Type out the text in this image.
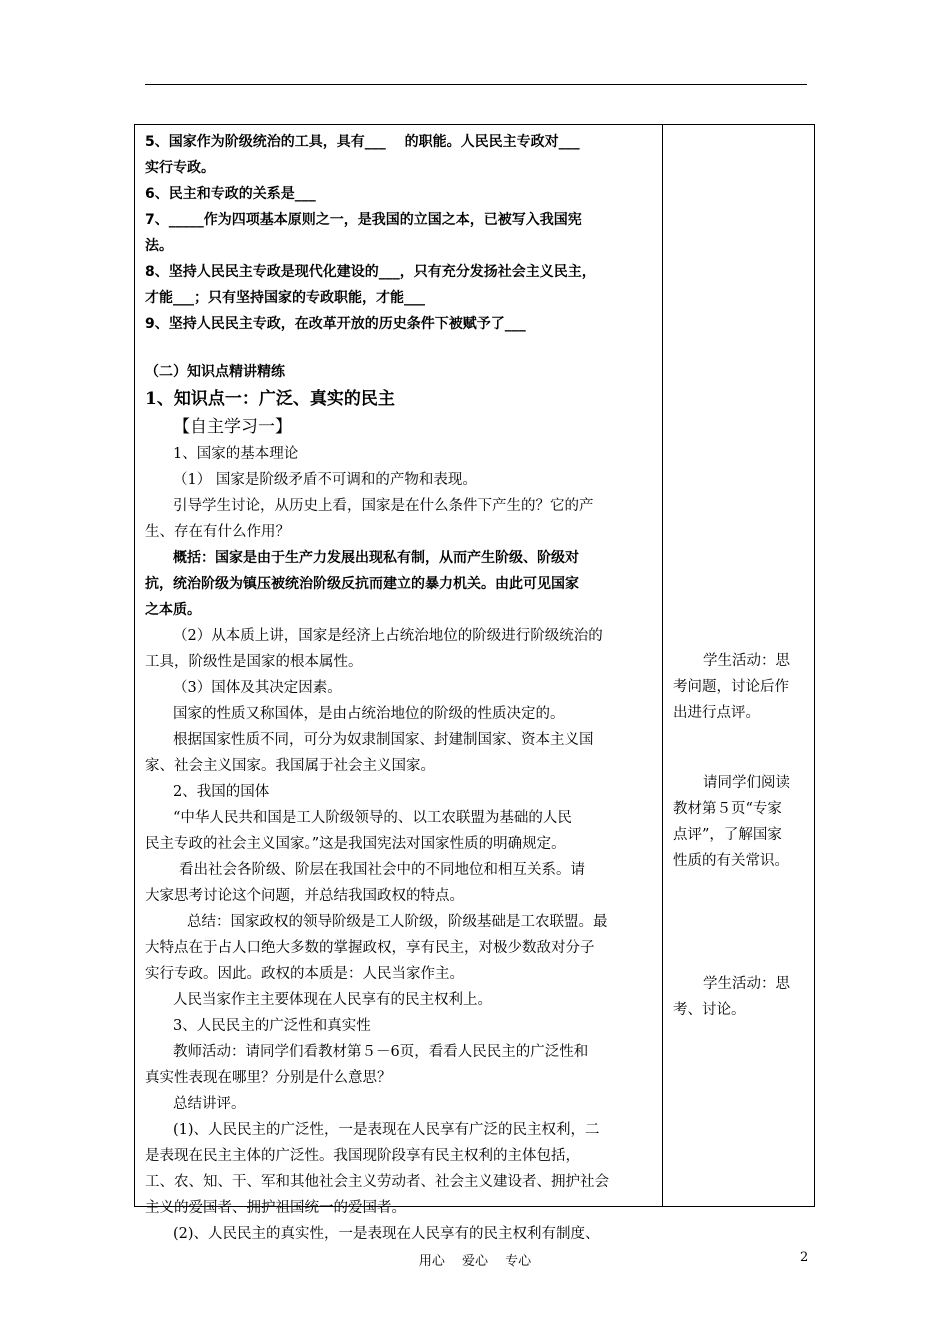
5、国家作为阶级统治的工具，具有___　 的职能。人民民主专政对___
实行专政。
6、民主和专政的关系是___
7、_____作为四项基本原则之一，是我国的立国之本，已被写入我国宪
法。
8、坚持人民民主专政是现代化建设的___，只有充分发扬社会主义民主，
才能___；只有坚持国家的专政职能，才能___
9、坚持人民民主专政，在改革开放的历史条件下被赋予了___
（二）知识点精讲精练
1、知识点一：广泛、真实的民主
【自主学习一】
1、国家的基本理论
（1） 国家是阶级矛盾不可调和的产物和表现。
引导学生讨论，从历史上看，国家是在什么条件下产生的？它的产
生、存在有什么作用？
概括：国家是由于生产力发展出现私有制，从而产生阶级、阶级对
抗，统治阶级为镇压被统治阶级反抗而建立的暴力机关。由此可见国家
之本质。
（2）从本质上讲，国家是经济上占统治地位的阶级进行阶级统治的
工具，阶级性是国家的根本属性。
（3）国体及其决定因素。
国家的性质又称国体，是由占统治地位的阶级的性质决定的。
根据国家性质不同，可分为奴隶制国家、封建制国家、资本主义国
家、社会主义国家。我国属于社会主义国家。
2、我国的国体
“中华人民共和国是工人阶级领导的、以工农联盟为基础的人民
民主专政的社会主义国家。”这是我国宪法对国家性质的明确规定。
看出社会各阶级、阶层在我国社会中的不同地位和相互关系。请
大家思考讨论这个问题，并总结我国政权的特点。
总结：国家政权的领导阶级是工人阶级，阶级基础是工农联盟。最
大特点在于占人口绝大多数的掌握政权，享有民主，对极少数敌对分子
实行专政。因此。政权的本质是：人民当家作主。
人民当家作主主要体现在人民享有的民主权利上。
3、人民民主的广泛性和真实性
教师活动：请同学们看教材第５－6页，看看人民民主的广泛性和
真实性表现在哪里？分别是什么意思？
总结讲评。
(1)、人民民主的广泛性，一是表现在人民享有广泛的民主权利，二
是表现在民主主体的广泛性。我国现阶段享有民主权利的主体包括，
工、农、知、干、军和其他社会主义劳动者、社会主义建设者、拥护社会
主义的爱国者、拥护祖国统一的爱国者。
(2)、人民民主的真实性，一是表现在人民享有的民主权利有制度、
学生活动：思
考问题，讨论后作
出进行点评。
请同学们阅读
教材第５页“专家
点评”，了解国家
性质的有关常识。
学生活动：思
考、讨论。
用心　 爱心　 专心	2
